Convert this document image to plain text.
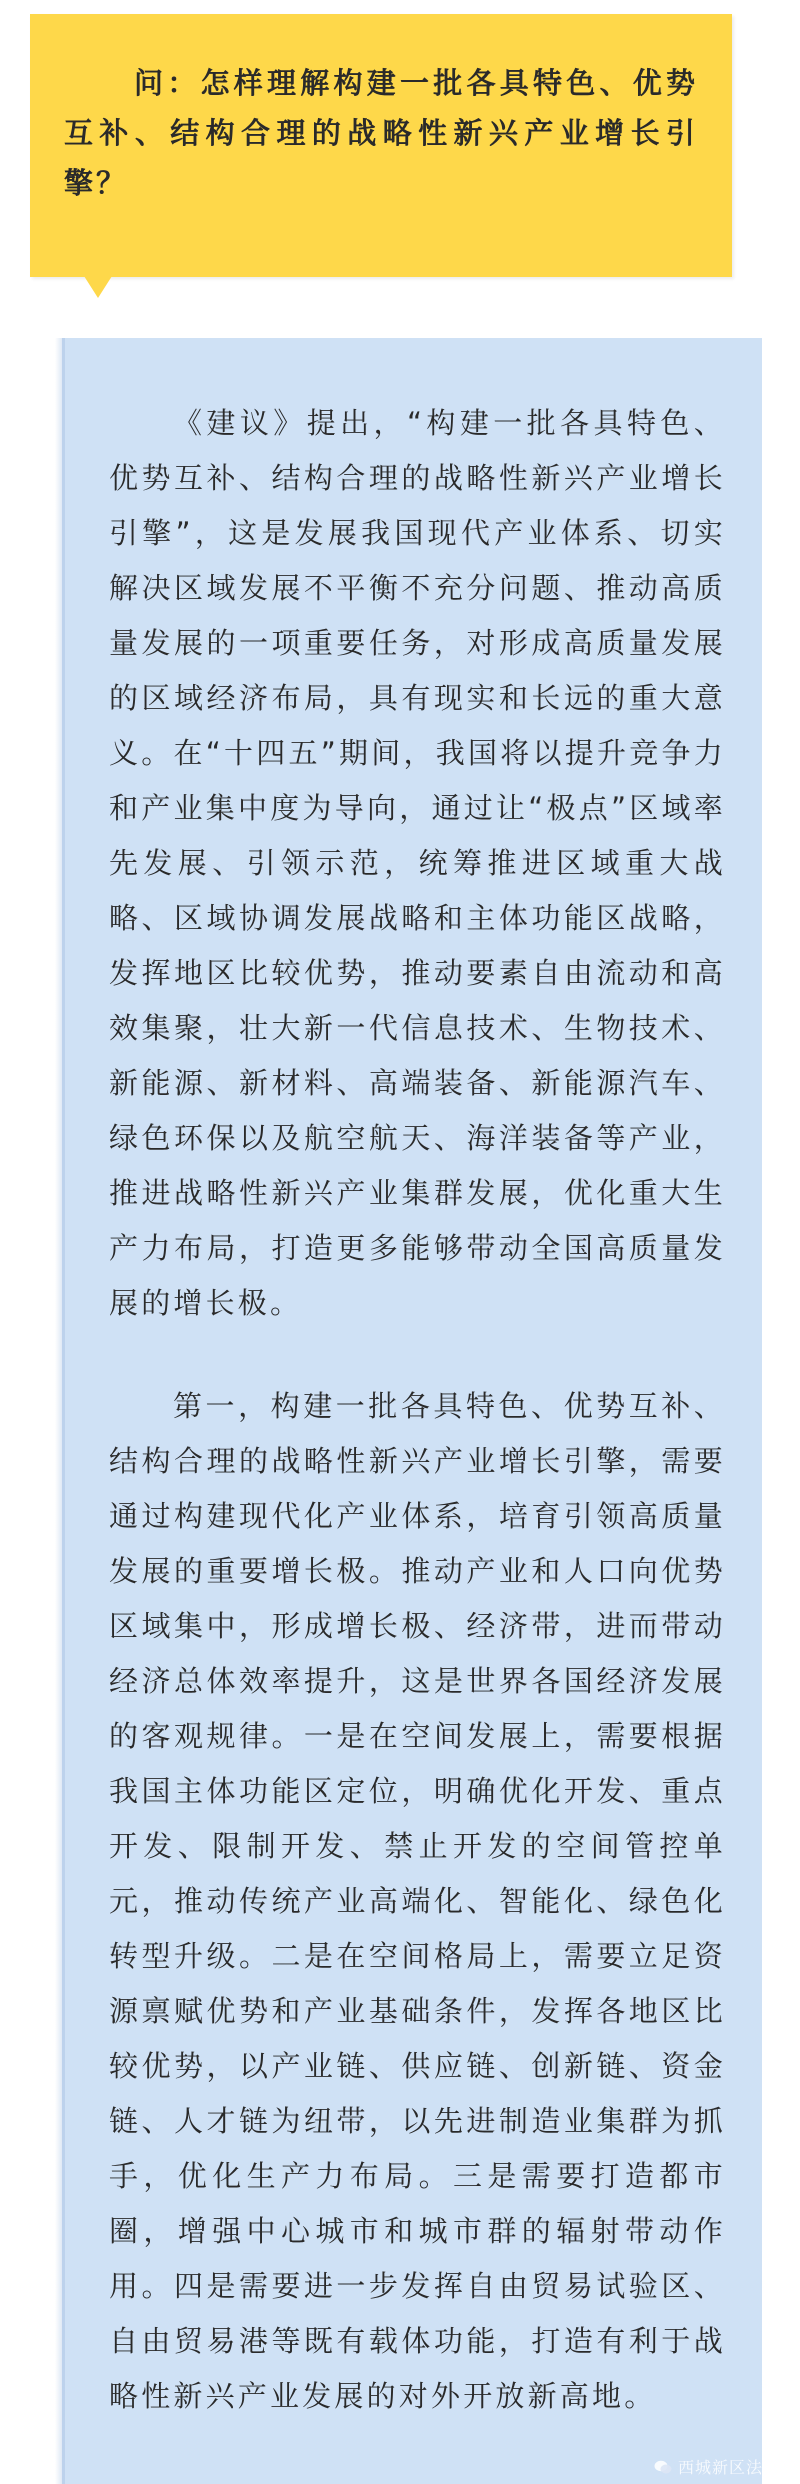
问：怎样理解构建一批各具特色、优势互补、结构合理的战略性新兴产业增长引擎？

《建议》提出，“构建一批各具特色、优势互补、结构合理的战略性新兴产业增长引擎”，这是发展我国现代产业体系、切实解决区域发展不平衡不充分问题、推动高质量发展的一项重要任务，对形成高质量发展的区域经济布局，具有现实和长远的重大意义。在“十四五”期间，我国将以提升竞争力和产业集中度为导向，通过让“极点”区域率先发展、引领示范，统筹推进区域重大战略、区域协调发展战略和主体功能区战略，发挥地区比较优势，推动要素自由流动和高效集聚，壮大新一代信息技术、生物技术、新能源、新材料、高端装备、新能源汽车、绿色环保以及航空航天、海洋装备等产业，推进战略性新兴产业集群发展，优化重大生产力布局，打造更多能够带动全国高质量发展的增长极。

第一，构建一批各具特色、优势互补、结构合理的战略性新兴产业增长引擎，需要通过构建现代化产业体系，培育引领高质量发展的重要增长极。推动产业和人口向优势区域集中，形成增长极、经济带，进而带动经济总体效率提升，这是世界各国经济发展的客观规律。一是在空间发展上，需要根据我国主体功能区定位，明确优化开发、重点开发、限制开发、禁止开发的空间管控单元，推动传统产业高端化、智能化、绿色化转型升级。二是在空间格局上，需要立足资源禀赋优势和产业基础条件，发挥各地区比较优势，以产业链、供应链、创新链、资金链、人才链为纽带，以先进制造业集群为抓手，优化生产力布局。三是需要打造都市圈，增强中心城市和城市群的辐射带动作用。四是需要进一步发挥自由贸易试验区、自由贸易港等既有载体功能，打造有利于战略性新兴产业发展的对外开放新高地。

西城新区法河
